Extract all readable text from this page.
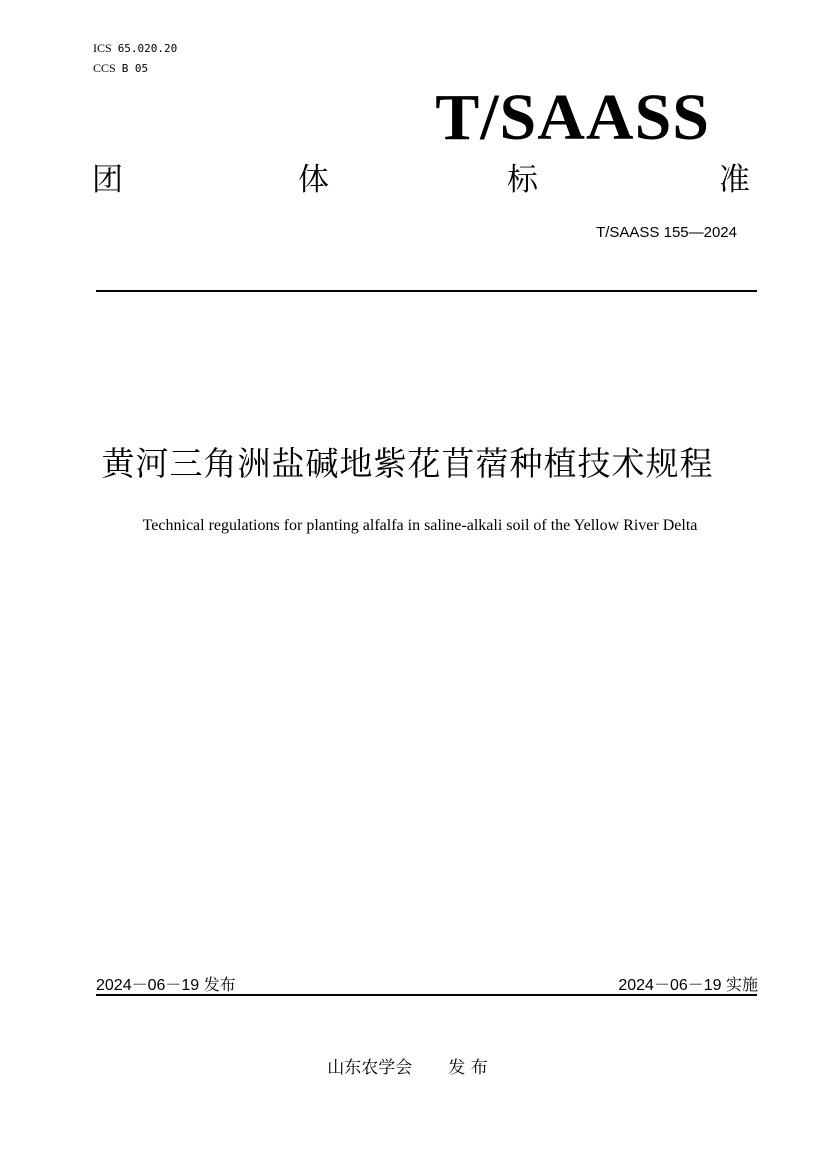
ICS 65.020.20
CCS B 05
T/SAASS
团	体	标	准
T/SAASS 155—2024
黄河三角洲盐碱地紫花苜蓿种植技术规程
Technical regulations for planting alfalfa in saline-alkali soil of the Yellow River Delta
2024－06－19 发布	2024－06－19 实施
山东农学会 发 布
